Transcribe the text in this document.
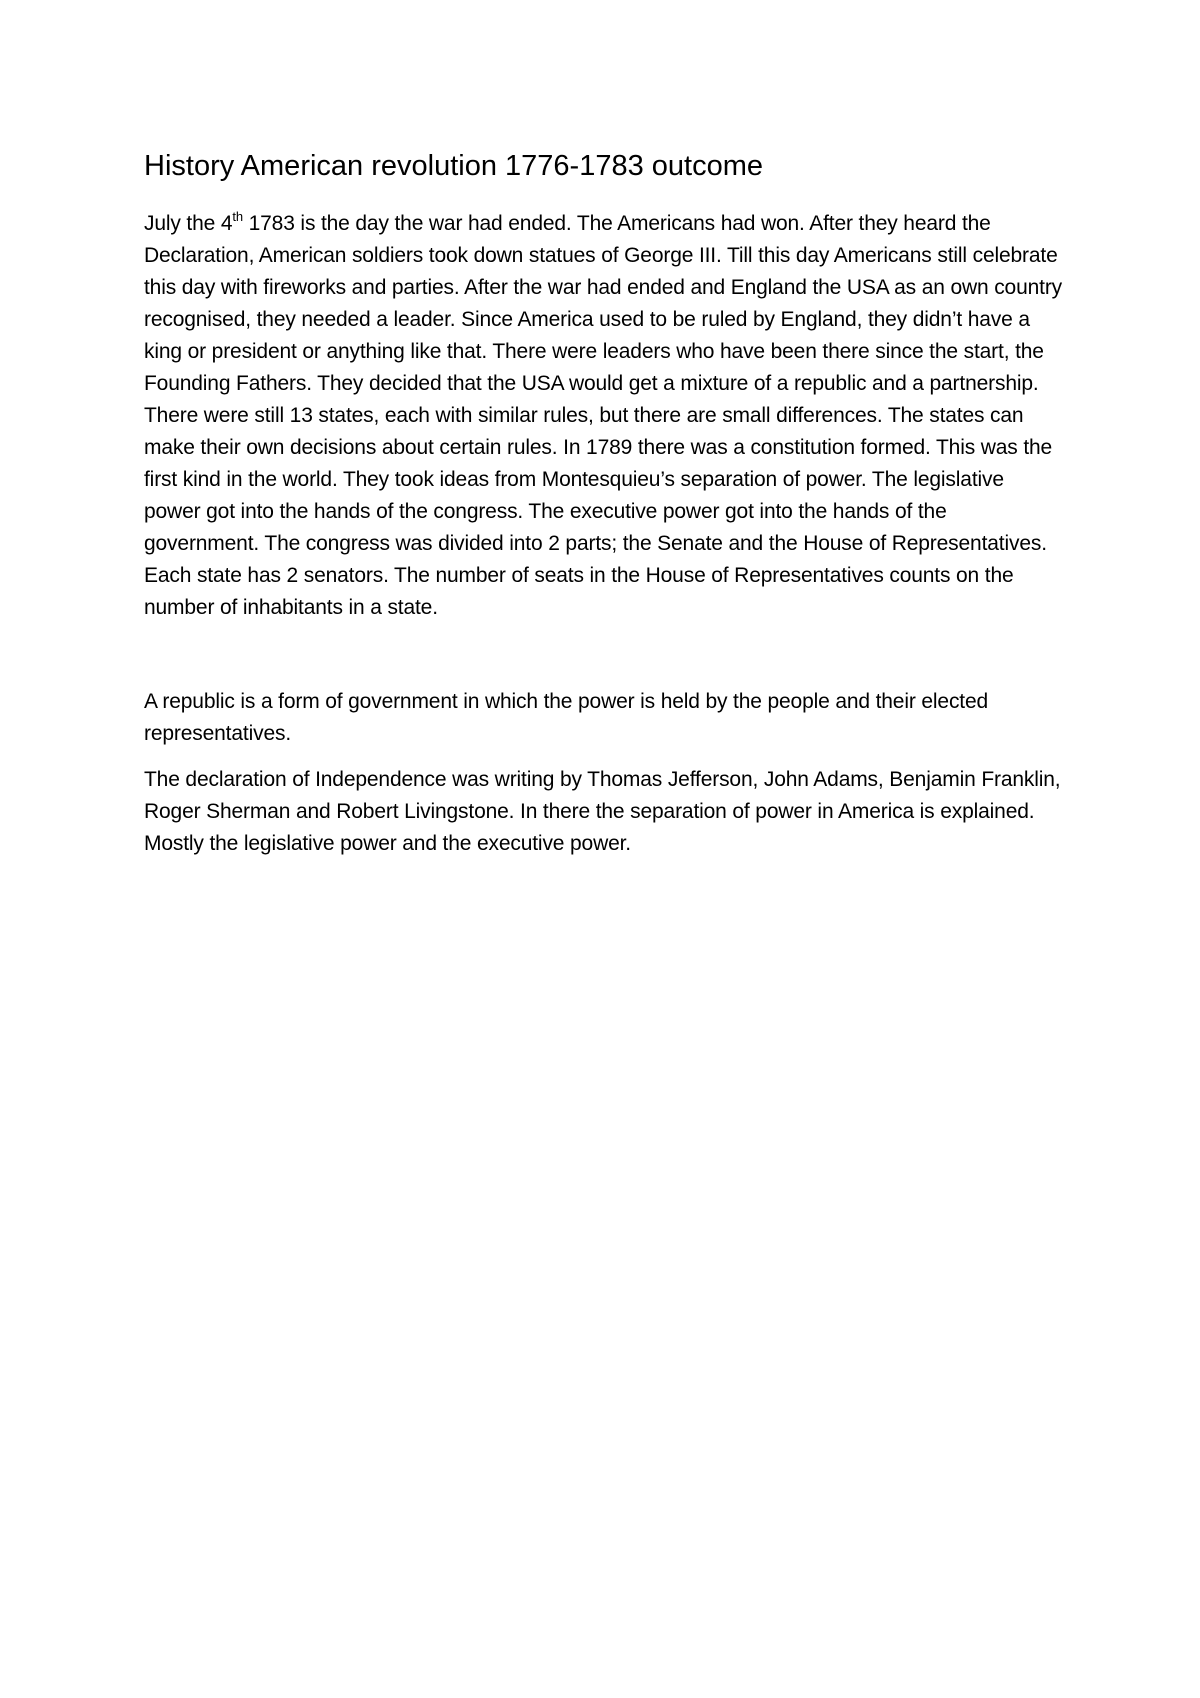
History American revolution 1776-1783 outcome

July the 4th 1783 is the day the war had ended. The Americans had won. After they heard the Declaration, American soldiers took down statues of George III. Till this day Americans still celebrate this day with fireworks and parties. After the war had ended and England the USA as an own country recognised, they needed a leader. Since America used to be ruled by England, they didn’t have a king or president or anything like that. There were leaders who have been there since the start, the Founding Fathers. They decided that the USA would get a mixture of a republic and a partnership. There were still 13 states, each with similar rules, but there are small differences. The states can make their own decisions about certain rules. In 1789 there was a constitution formed. This was the first kind in the world. They took ideas from Montesquieu’s separation of power. The legislative power got into the hands of the congress. The executive power got into the hands of the government. The congress was divided into 2 parts; the Senate and the House of Representatives. Each state has 2 senators. The number of seats in the House of Representatives counts on the number of inhabitants in a state.

A republic is a form of government in which the power is held by the people and their elected representatives.

The declaration of Independence was writing by Thomas Jefferson, John Adams, Benjamin Franklin, Roger Sherman and Robert Livingstone. In there the separation of power in America is explained. Mostly the legislative power and the executive power.
